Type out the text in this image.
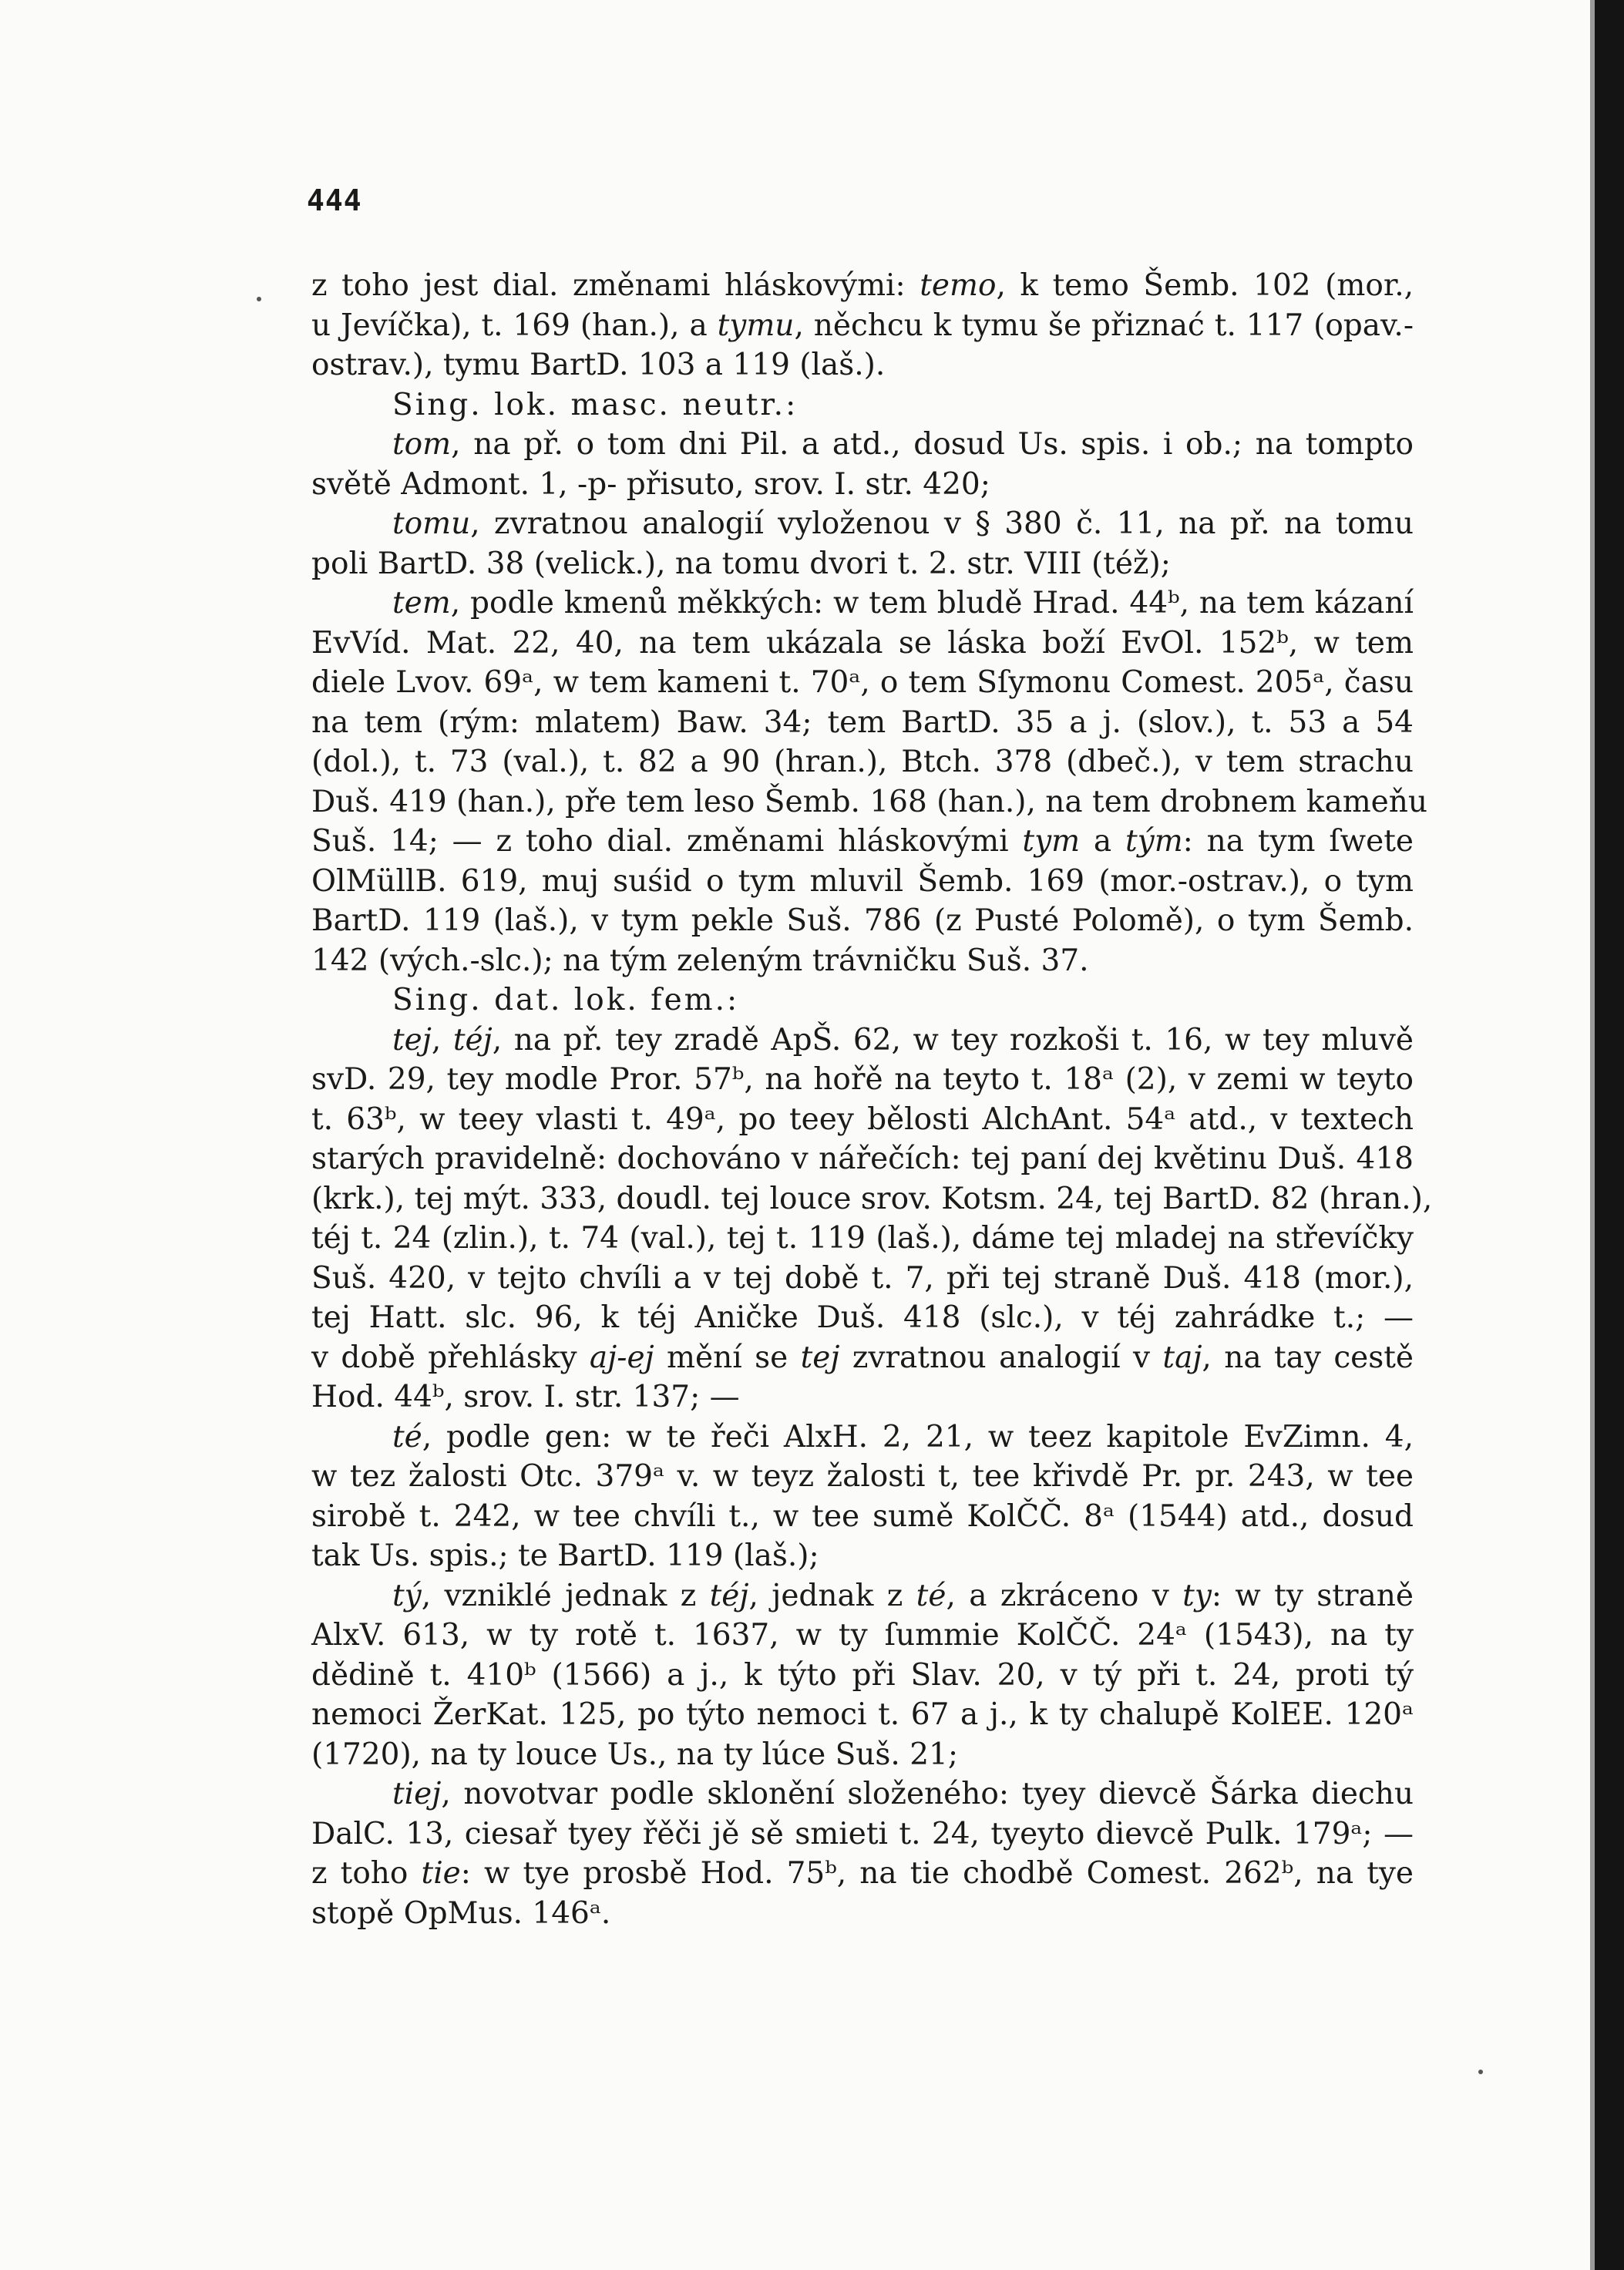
444
z toho jest dial. změnami hláskovými: temo, k temo Šemb. 102 (mor.,
u Jevíčka), t. 169 (han.), a tymu, něchcu k tymu še přiznać t. 117 (opav.-
ostrav.), tymu BartD. 103 a 119 (laš.).
Sing. lok. masc. neutr.:
tom, na př. o tom dni Pil. a atd., dosud Us. spis. i ob.; na tompto
světě Admont. 1, -p- přisuto, srov. I. str. 420;
tomu, zvratnou analogií vyloženou v § 380 č. 11, na př. na tomu
poli BartD. 38 (velick.), na tomu dvori t. 2. str. VIII (též);
tem, podle kmenů měkkých: w tem bludě Hrad. 44ᵇ, na tem kázaní
EvVíd. Mat. 22, 40, na tem ukázala se láska boží EvOl. 152ᵇ, w tem
diele Lvov. 69ᵃ, w tem kameni t. 70ᵃ, o tem Sſymonu Comest. 205ᵃ, času
na tem (rým: mlatem) Baw. 34; tem BartD. 35 a j. (slov.), t. 53 a 54
(dol.), t. 73 (val.), t. 82 a 90 (hran.), Btch. 378 (dbeč.), v tem strachu
Duš. 419 (han.), pře tem leso Šemb. 168 (han.), na tem drobnem kameňu
Suš. 14; — z toho dial. změnami hláskovými tym a tým: na tym ſwete
OlMüllB. 619, muj suśid o tym mluvil Šemb. 169 (mor.-ostrav.), o tym
BartD. 119 (laš.), v tym pekle Suš. 786 (z Pusté Polomě), o tym Šemb.
142 (vých.-slc.); na tým zeleným trávničku Suš. 37.
Sing. dat. lok. fem.:
tej, téj, na př. tey zradě ApŠ. 62, w tey rozkoši t. 16, w tey mluvě
svD. 29, tey modle Pror. 57ᵇ, na hořě na teyto t. 18ᵃ (2), v zemi w teyto
t. 63ᵇ, w teey vlasti t. 49ᵃ, po teey bělosti AlchAnt. 54ᵃ atd., v textech
starých pravidelně: dochováno v nářečích: tej paní dej květinu Duš. 418
(krk.), tej mýt. 333, doudl. tej louce srov. Kotsm. 24, tej BartD. 82 (hran.),
téj t. 24 (zlin.), t. 74 (val.), tej t. 119 (laš.), dáme tej mladej na střevíčky
Suš. 420, v tejto chvíli a v tej době t. 7, při tej straně Duš. 418 (mor.),
tej Hatt. slc. 96, k téj Aničke Duš. 418 (slc.), v téj zahrádke t.; —
v době přehlásky aj-ej mění se tej zvratnou analogií v taj, na tay cestě
Hod. 44ᵇ, srov. I. str. 137; —
té, podle gen: w te řeči AlxH. 2, 21, w teez kapitole EvZimn. 4,
w tez žalosti Otc. 379ᵃ v. w teyz žalosti t, tee křivdě Pr. pr. 243, w tee
sirobě t. 242, w tee chvíli t., w tee sumě KolČČ. 8ᵃ (1544) atd., dosud
tak Us. spis.; te BartD. 119 (laš.);
tý, vzniklé jednak z téj, jednak z té, a zkráceno v ty: w ty straně
AlxV. 613, w ty rotě t. 1637, w ty ſummie KolČČ. 24ᵃ (1543), na ty
dědině t. 410ᵇ (1566) a j., k týto při Slav. 20, v tý při t. 24, proti tý
nemoci ŽerKat. 125, po týto nemoci t. 67 a j., k ty chalupě KolEE. 120ᵃ
(1720), na ty louce Us., na ty lúce Suš. 21;
tiej, novotvar podle sklonění složeného: tyey dievcě Šárka diechu
DalC. 13, ciesař tyey řěči jě sě smieti t. 24, tyeyto dievcě Pulk. 179ᵃ; —
z toho tie: w tye prosbě Hod. 75ᵇ, na tie chodbě Comest. 262ᵇ, na tye
stopě OpMus. 146ᵃ.
